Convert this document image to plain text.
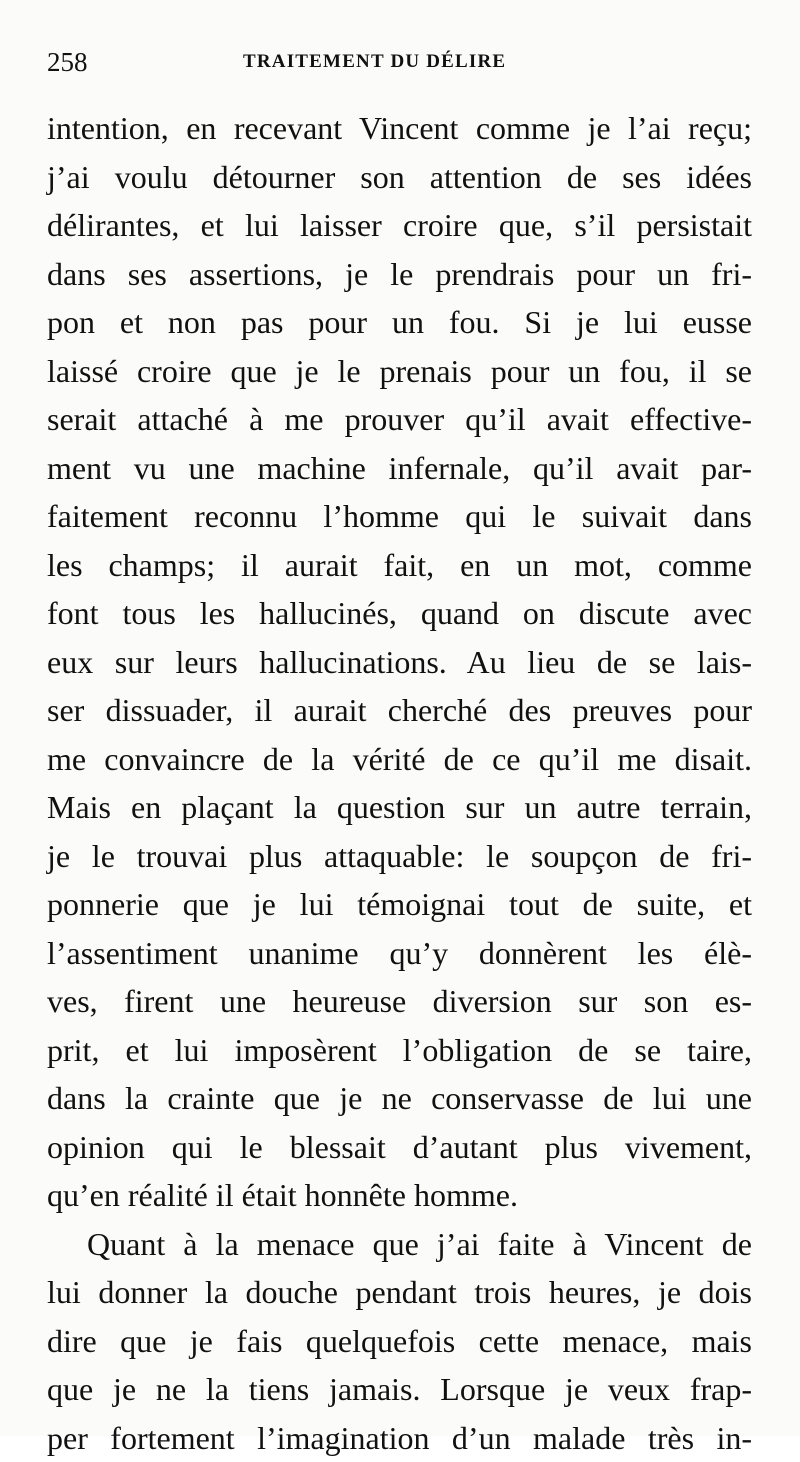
258	TRAITEMENT DU DÉLIRE
intention, en recevant Vincent comme je l’ai reçu;
j’ai voulu détourner son attention de ses idées
délirantes, et lui laisser croire que, s’il persistait
dans ses assertions, je le prendrais pour un fri-
pon et non pas pour un fou. Si je lui eusse
laissé croire que je le prenais pour un fou, il se
serait attaché à me prouver qu’il avait effective-
ment vu une machine infernale, qu’il avait par-
faitement reconnu l’homme qui le suivait dans
les champs; il aurait fait, en un mot, comme
font tous les hallucinés, quand on discute avec
eux sur leurs hallucinations. Au lieu de se lais-
ser dissuader, il aurait cherché des preuves pour
me convaincre de la vérité de ce qu’il me disait.
Mais en plaçant la question sur un autre terrain,
je le trouvai plus attaquable: le soupçon de fri-
ponnerie que je lui témoignai tout de suite, et
l’assentiment unanime qu’y donnèrent les élè-
ves, firent une heureuse diversion sur son es-
prit, et lui imposèrent l’obligation de se taire,
dans la crainte que je ne conservasse de lui une
opinion qui le blessait d’autant plus vivement,
qu’en réalité il était honnête homme.
Quant à la menace que j’ai faite à Vincent de
lui donner la douche pendant trois heures, je dois
dire que je fais quelquefois cette menace, mais
que je ne la tiens jamais. Lorsque je veux frap-
per fortement l’imagination d’un malade très in-
